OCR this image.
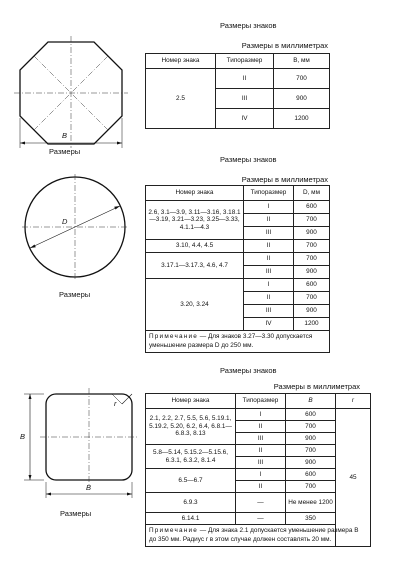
Размеры знаков
Размеры в миллиметрах
B
Размеры
Номер знака	Типоразмер	B, мм
2.5	II	700
	III	900
	IV	1200
Размеры знаков
Размеры в миллиметрах
D
Размеры
Номер знака	Типоразмер	D, мм
2.6, 3.1—3.9, 3.11—3.16, 3.18.1—3.19, 3.21—3.23, 3.25—3.33, 4.1.1—4.3	I	600
	II	700
	III	900
3.10, 4.4, 4.5	II	700
3.17.1—3.17.3, 4.6, 4.7	II	700
	III	900
3.20, 3.24	I	600
	II	700
	III	900
	IV	1200
Примечание — Для знаков 3.27—3.30 допускается уменьшение размера D до 250 мм.		
Размеры знаков
Размеры в миллиметрах
B
B
r
Размеры
Номер знака	Типоразмер	B	r
2.1, 2.2, 2.7, 5.5, 5.6, 5.19.1, 5.19.2, 5.20, 6.2, 6.4, 6.8.1—6.8.3, 8.13	I	600	45
	II	700	
	III	900	
5.8—5.14, 5.15.2—5.15.6, 6.3.1, 6.3.2, 8.1.4	II	700	
	III	900	
6.5—6.7	I	600	
	II	700	
6.9.3	—	Не менее 1200	
6.14.1	—	350	
Примечание — Для знака 2.1 допускается уменьшение размера B до 350 мм. Радиус r в этом случае должен составлять 20 мм.			
